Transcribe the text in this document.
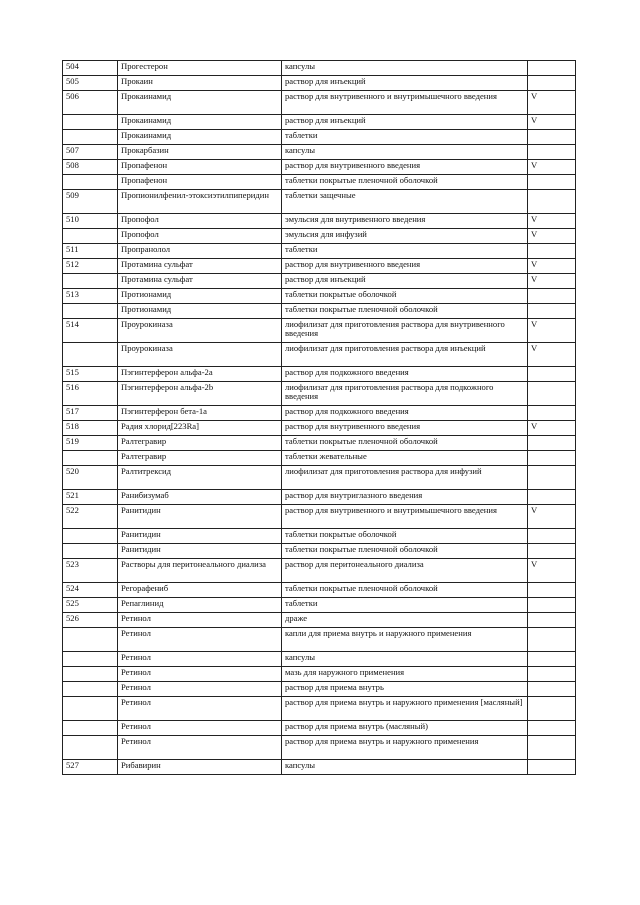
504	Прогестерон	капсулы	
505	Прокаин	раствор для инъекций	
506	Прокаинамид	раствор для внутривенного и внутримышечного введения	V
	Прокаинамид	раствор для инъекций	V
	Прокаинамид	таблетки	
507	Прокарбазин	капсулы	
508	Пропафенон	раствор для внутривенного введения	V
	Пропафенон	таблетки покрытые пленочной оболочкой	
509	Пропионилфенил-этоксиэтилпиперидин	таблетки защечные	
510	Пропофол	эмульсия для внутривенного введения	V
	Пропофол	эмульсия для инфузий	V
511	Пропранолол	таблетки	
512	Протамина сульфат	раствор для внутривенного введения	V
	Протамина сульфат	раствор для инъекций	V
513	Протионамид	таблетки покрытые оболочкой	
	Протионамид	таблетки покрытые пленочной оболочкой	
514	Проурокиназа	лиофилизат для приготовления раствора для внутривенного введения	V
	Проурокиназа	лиофилизат для приготовления раствора для инъекций	V
515	Пэгинтерферон альфа-2a	раствор для подкожного введения	
516	Пэгинтерферон альфа-2b	лиофилизат для приготовления раствора для подкожного введения	
517	Пэгинтерферон бета-1a	раствор для подкожного введения	
518	Радия хлорид[223Ra]	раствор для внутривенного введения	V
519	Ралтегравир	таблетки покрытые пленочной оболочкой	
	Ралтегравир	таблетки жевательные	
520	Ралтитрексид	лиофилизат для приготовления раствора для инфузий	
521	Ранибизумаб	раствор для внутриглазного введения	
522	Ранитидин	раствор для внутривенного и внутримышечного введения	V
	Ранитидин	таблетки покрытые оболочкой	
	Ранитидин	таблетки покрытые пленочной оболочкой	
523	Растворы для перитонеального диализа	раствор для перитонеального диализа	V
524	Регорафениб	таблетки покрытые пленочной оболочкой	
525	Репаглинид	таблетки	
526	Ретинол	драже	
	Ретинол	капли для приема внутрь и наружного применения	
	Ретинол	капсулы	
	Ретинол	мазь для наружного применения	
	Ретинол	раствор для приема внутрь	
	Ретинол	раствор для приема внутрь и наружного применения [масляный]	
	Ретинол	раствор для приема внутрь (масляный)	
	Ретинол	раствор для приема внутрь и наружного применения	
527	Рибавирин	капсулы	
